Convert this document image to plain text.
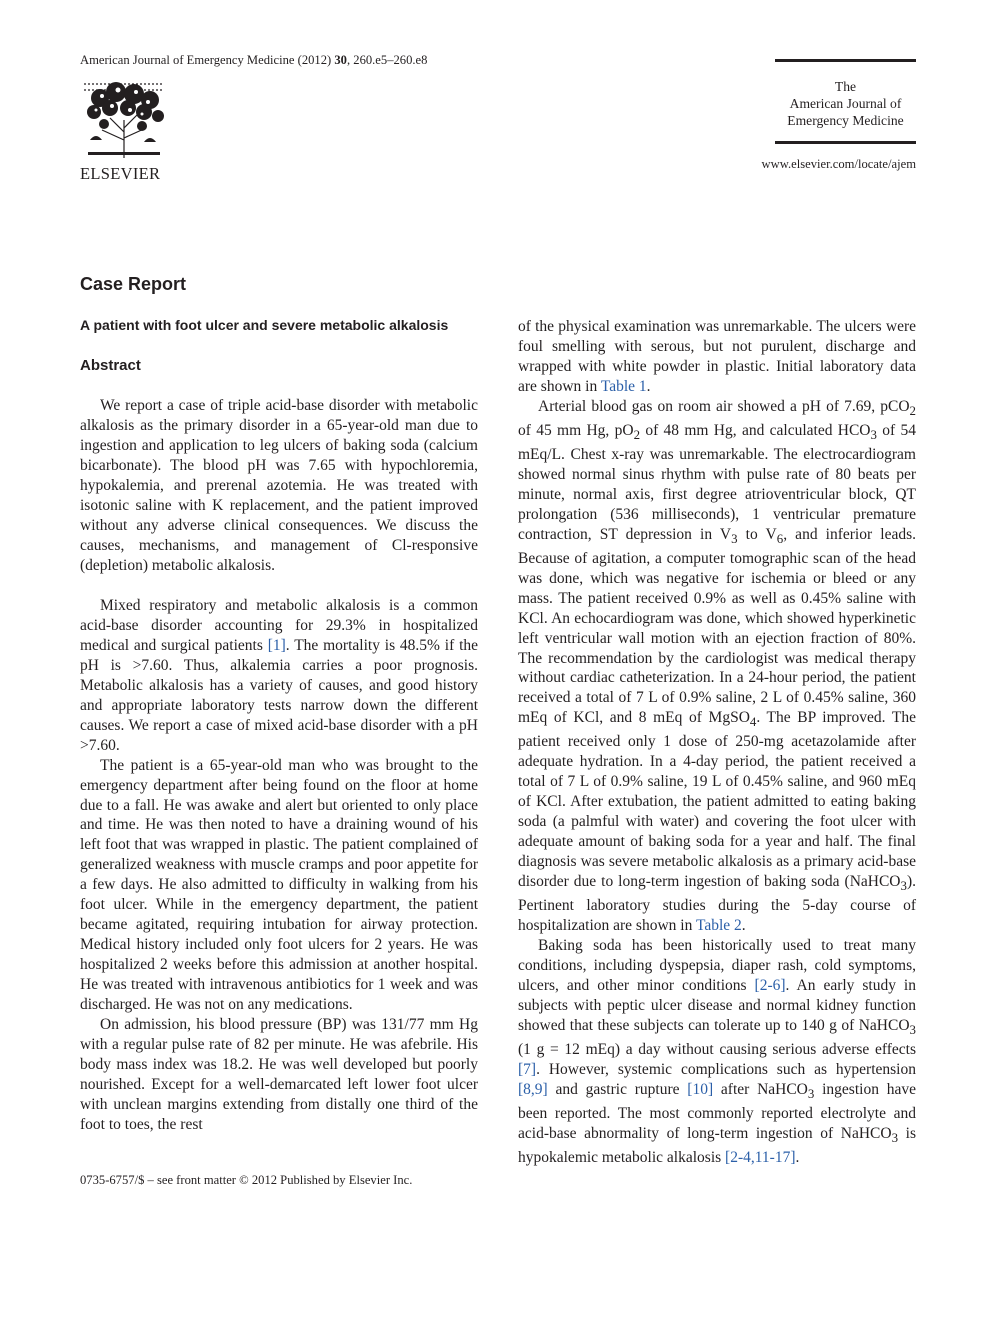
American Journal of Emergency Medicine (2012) 30, 260.e5–260.e8
ELSEVIER
The
American Journal of
Emergency Medicine
www.elsevier.com/locate/ajem
Case Report
A patient with foot ulcer and severe metabolic alkalosis
Abstract

We report a case of triple acid-base disorder with metabolic alkalosis as the primary disorder in a 65-year-old man due to ingestion and application to leg ulcers of baking soda (calcium bicarbonate). The blood pH was 7.65 with hypochloremia, hypokalemia, and prerenal azotemia. He was treated with isotonic saline with K replacement, and the patient improved without any adverse clinical consequences. We discuss the causes, mechanisms, and management of Cl-responsive (depletion) metabolic alkalosis.

Mixed respiratory and metabolic alkalosis is a common acid-base disorder accounting for 29.3% in hospitalized medical and surgical patients [1]. The mortality is 48.5% if the pH is >7.60. Thus, alkalemia carries a poor prognosis. Metabolic alkalosis has a variety of causes, and good history and appropriate laboratory tests narrow down the different causes. We report a case of mixed acid-base disorder with a pH >7.60.

The patient is a 65-year-old man who was brought to the emergency department after being found on the floor at home due to a fall. He was awake and alert but oriented to only place and time. He was then noted to have a draining wound of his left foot that was wrapped in plastic. The patient complained of generalized weakness with muscle cramps and poor appetite for a few days. He also admitted to difficulty in walking from his foot ulcer. While in the emergency department, the patient became agitated, requiring intubation for airway protection. Medical history included only foot ulcers for 2 years. He was hospitalized 2 weeks before this admission at another hospital. He was treated with intravenous antibiotics for 1 week and was discharged. He was not on any medications.

On admission, his blood pressure (BP) was 131/77 mm Hg with a regular pulse rate of 82 per minute. He was afebrile. His body mass index was 18.2. He was well developed but poorly nourished. Except for a well-demarcated left lower foot ulcer with unclean margins extending from distally one third of the foot to toes, the rest

of the physical examination was unremarkable. The ulcers were foul smelling with serous, but not purulent, discharge and wrapped with white powder in plastic. Initial laboratory data are shown in Table 1.

Arterial blood gas on room air showed a pH of 7.69, pCO$_2$ of 45 mm Hg, $pO_2$ of 48 mm Hg, and calculated $HCO_3$ of 54 mEq/L. Chest x-ray was unremarkable. The electrocardiogram showed normal sinus rhythm with pulse rate of 80 beats per minute, normal axis, first degree atrioventricular block, QT prolongation (536 milliseconds), 1 ventricular premature contraction, ST depression in $V_3$ to $V_6$, and inferior leads. Because of agitation, a computer tomographic scan of the head was done, which was negative for ischemia or bleed or any mass. The patient received 0.9% as well as 0.45% saline with KCl. An echocardiogram was done, which showed hyperkinetic left ventricular wall motion with an ejection fraction of 80%. The recommendation by the cardiologist was medical therapy without cardiac catheterization. In a 24-hour period, the patient received a total of 7 L of 0.9% saline, 2 L of 0.45% saline, 360 mEq of KCl, and 8 mEq of MgSO$_4$. The BP improved. The patient received only 1 dose of 250-mg acetazolamide after adequate hydration. In a 4-day period, the patient received a total of 7 L of 0.9% saline, 19 L of 0.45% saline, and 960 mEq of KCl. After extubation, the patient admitted to eating baking soda (a palmful with water) and covering the foot ulcer with adequate amount of baking soda for a year and half. The final diagnosis was severe metabolic alkalosis as a primary acid-base disorder due to long-term ingestion of baking soda (NaHCO$_3$). Pertinent laboratory studies during the 5-day course of hospitalization are shown in Table 2.

Baking soda has been historically used to treat many conditions, including dyspepsia, diaper rash, cold symptoms, ulcers, and other minor conditions [2-6]. An early study in subjects with peptic ulcer disease and normal kidney function showed that these subjects can tolerate up to 140 g of NaHCO$_3$ (1 g = 12 mEq) a day without causing serious adverse effects [7]. However, systemic complications such as hypertension [8,9] and gastric rupture [10] after NaHCO$_3$ ingestion have been reported. The most commonly reported electrolyte and acid-base abnormality of long-term ingestion of NaHCO$_3$ is hypokalemic metabolic alkalosis [2-4,11-17].

0735-6757/$ – see front matter © 2012 Published by Elsevier Inc.
